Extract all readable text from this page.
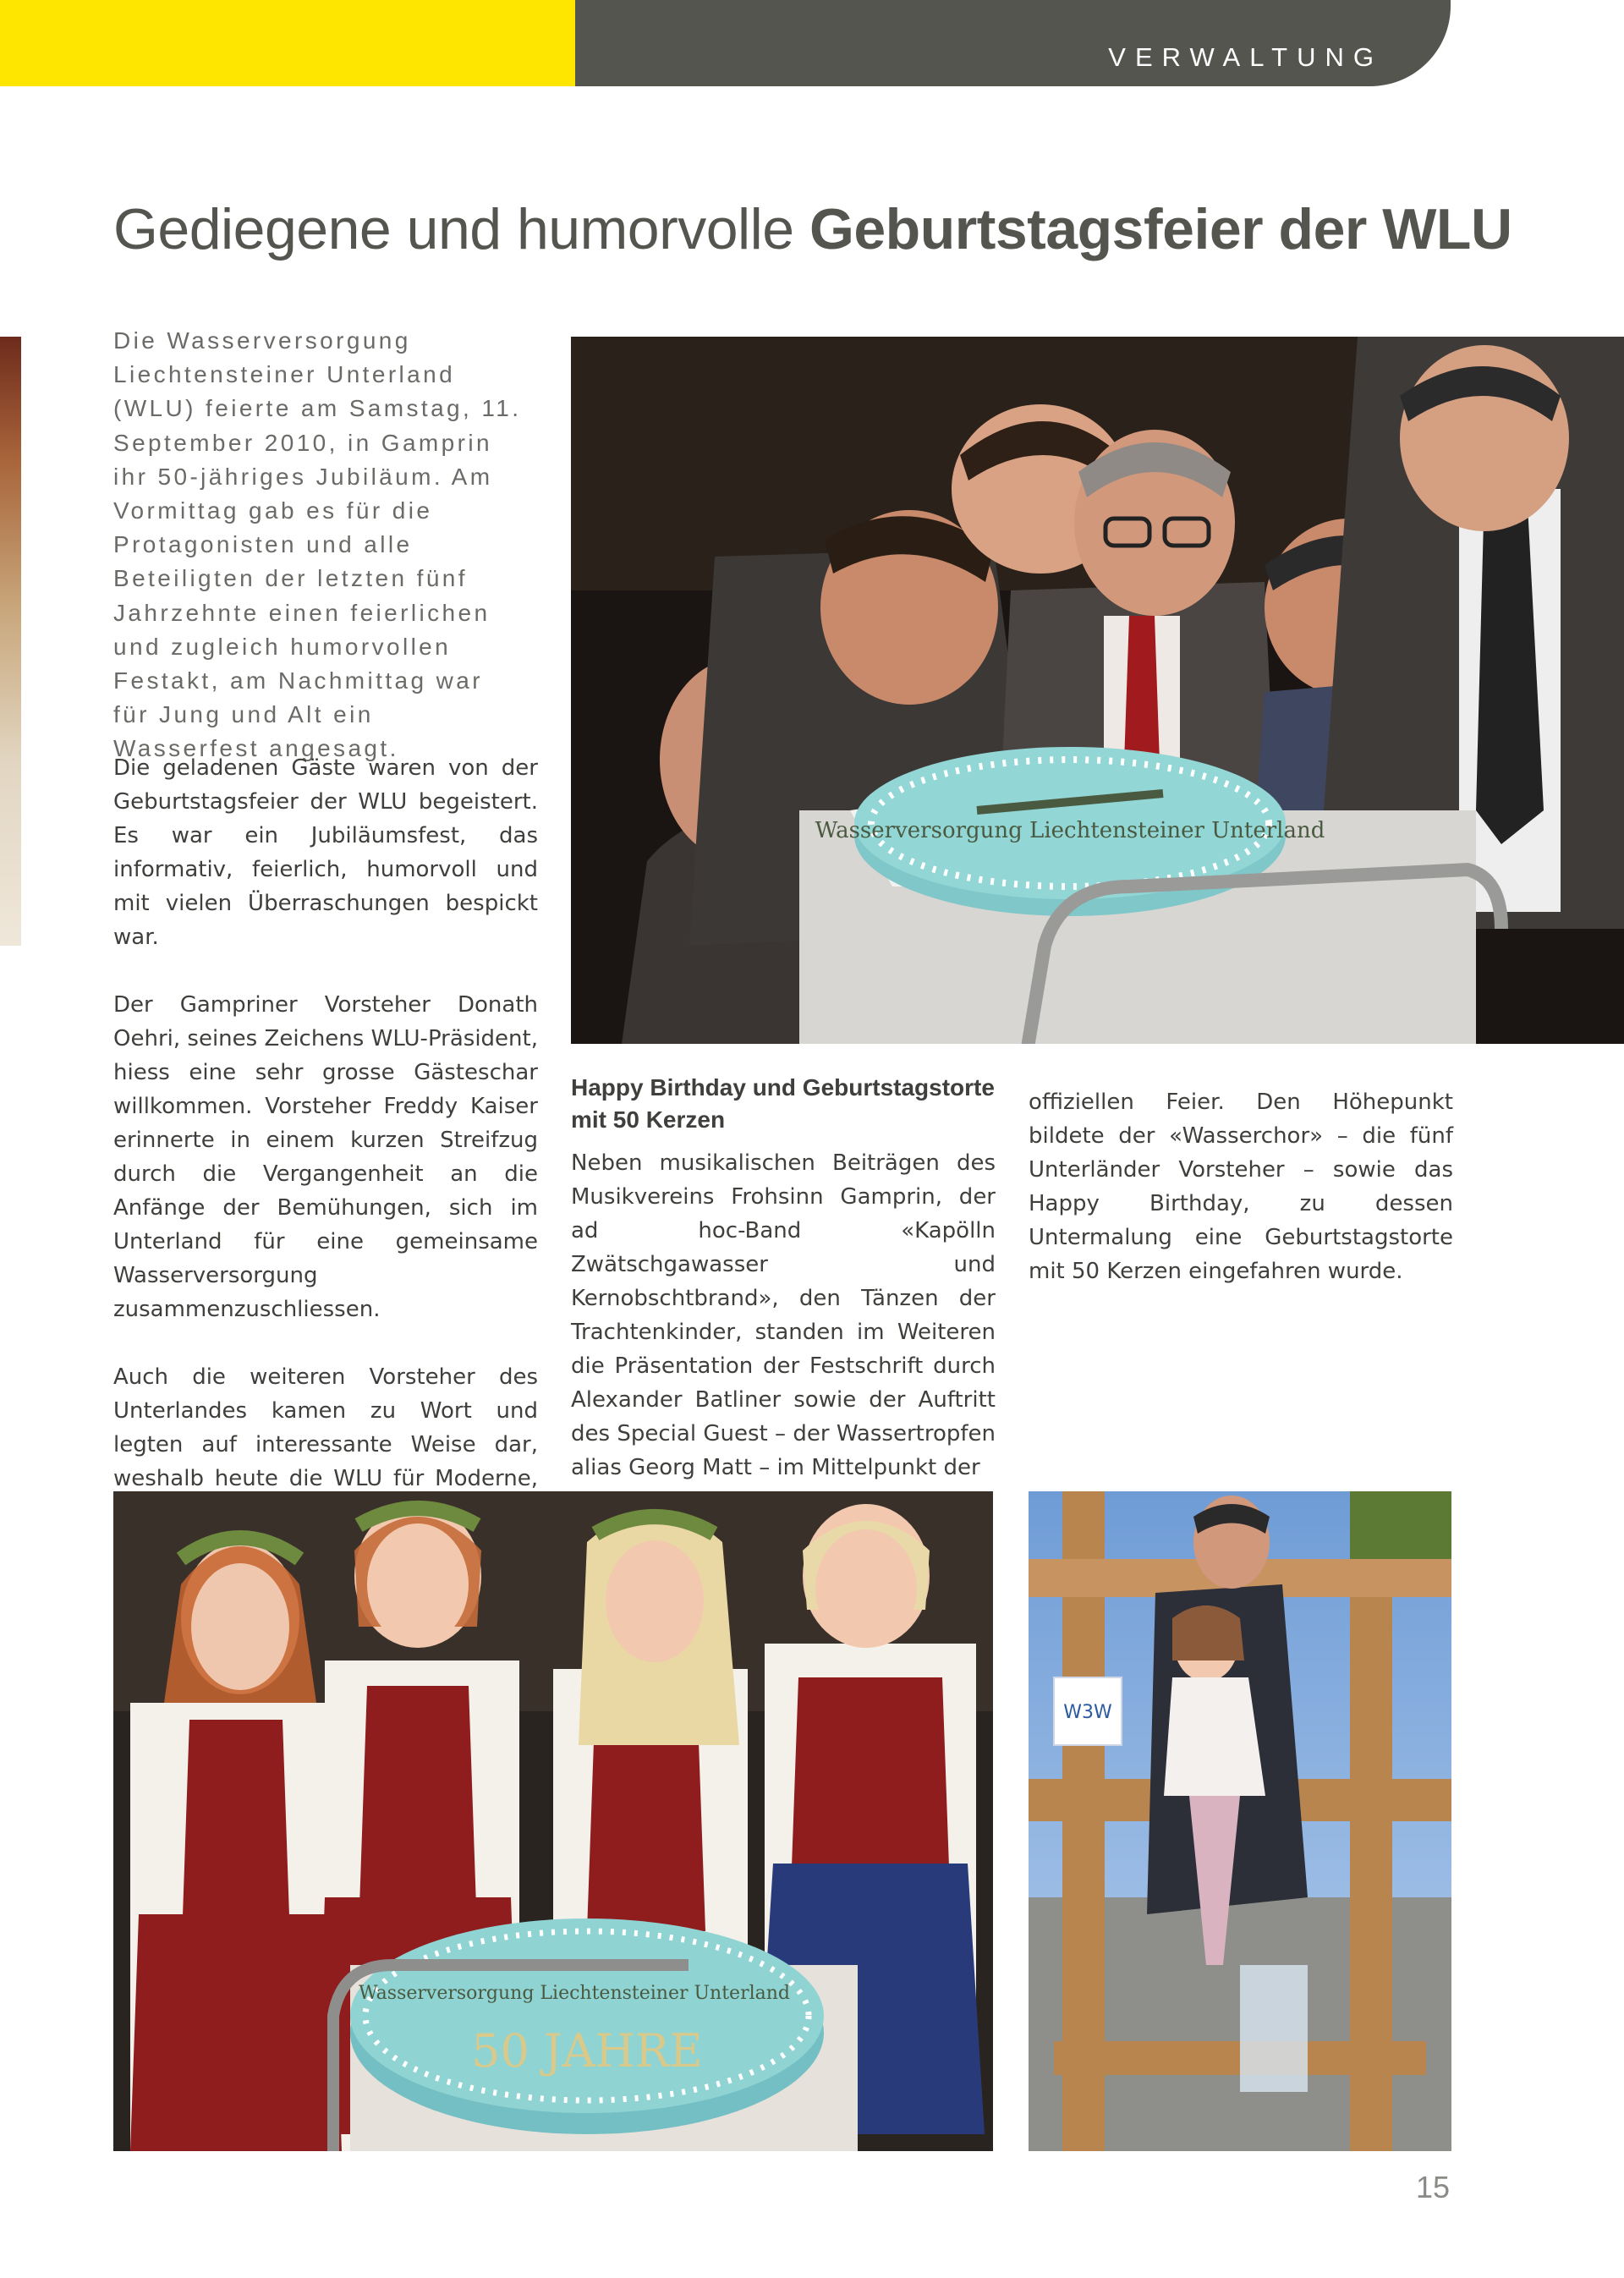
VERWALTUNG
Gediegene und humorvolle Geburtstagsfeier der WLU

Die Wasserversorgung Liechtensteiner Unterland (WLU) feierte am Samstag, 11. September 2010, in Gamprin ihr 50-jähriges Jubiläum. Am Vormittag gab es für die Protagonisten und alle Beteiligten der letzten fünf Jahrzehnte einen feierlichen und zugleich humorvollen Festakt, am Nachmittag war für Jung und Alt ein Wasserfest angesagt.

Die geladenen Gäste waren von der Geburtstagsfeier der WLU begeistert. Es war ein Jubiläumsfest, das informativ, feierlich, humorvoll und mit vielen Überraschungen bespickt war.

Der Gampriner Vorsteher Donath Oehri, seines Zeichens WLU-Präsident, hiess eine sehr grosse Gästeschar willkommen. Vorsteher Freddy Kaiser erinnerte in einem kurzen Streifzug durch die Vergangenheit an die Anfänge der Bemühungen, sich im Unterland für eine gemeinsame Wasserversorgung zusammenzuschliessen.

Auch die weiteren Vorsteher des Unterlandes kamen zu Wort und legten auf interessante Weise dar, weshalb heute die WLU für Moderne,

Happy Birthday und Geburtstagstorte mit 50 Kerzen

Neben musikalischen Beiträgen des Musikvereins Frohsinn Gamprin, der ad hoc-Band «Kapölln Zwätschgawasser und Kernobschtbrand», den Tänzen der Trachtenkinder, standen im Weiteren die Präsentation der Festschrift durch Alexander Batliner sowie der Auftritt des Special Guest – der Wassertropfen alias Georg Matt – im Mittelpunkt der

offiziellen Feier. Den Höhepunkt bildete der «Wasserchor» – die fünf Unterländer Vorsteher – sowie das Happy Birthday, zu dessen Untermalung eine Geburtstagstorte mit 50 Kerzen eingefahren wurde.

Wasserversorgung Liechtensteiner Unterland
Wasserversorgung Liechtensteiner Unterland
50 JAHRE
W3W
15
